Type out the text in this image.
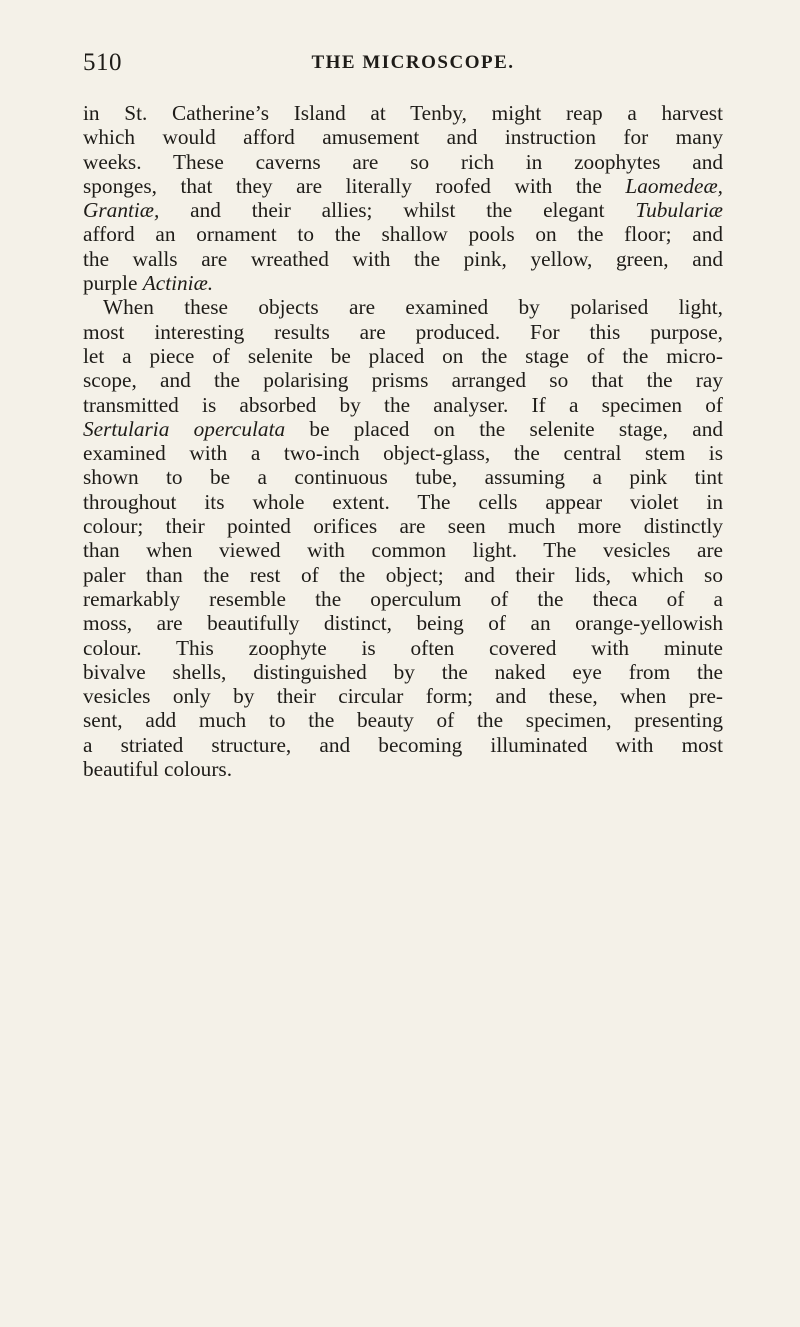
510	THE MICROSCOPE.
in St. Catherine’s Island at Tenby, might reap a harvest
which would afford amusement and instruction for many
weeks. These caverns are so rich in zoophytes and
sponges, that they are literally roofed with the Laomedeæ,
Grantiæ, and their allies; whilst the elegant Tubulariæ
afford an ornament to the shallow pools on the floor; and
the walls are wreathed with the pink, yellow, green, and
purple Actiniæ.
When these objects are examined by polarised light,
most interesting results are produced. For this purpose,
let a piece of selenite be placed on the stage of the micro-
scope, and the polarising prisms arranged so that the ray
transmitted is absorbed by the analyser. If a specimen of
Sertularia operculata be placed on the selenite stage, and
examined with a two-inch object-glass, the central stem is
shown to be a continuous tube, assuming a pink tint
throughout its whole extent. The cells appear violet in
colour; their pointed orifices are seen much more distinctly
than when viewed with common light. The vesicles are
paler than the rest of the object; and their lids, which so
remarkably resemble the operculum of the theca of a
moss, are beautifully distinct, being of an orange-yellowish
colour. This zoophyte is often covered with minute
bivalve shells, distinguished by the naked eye from the
vesicles only by their circular form; and these, when pre-
sent, add much to the beauty of the specimen, presenting
a striated structure, and becoming illuminated with most
beautiful colours.
